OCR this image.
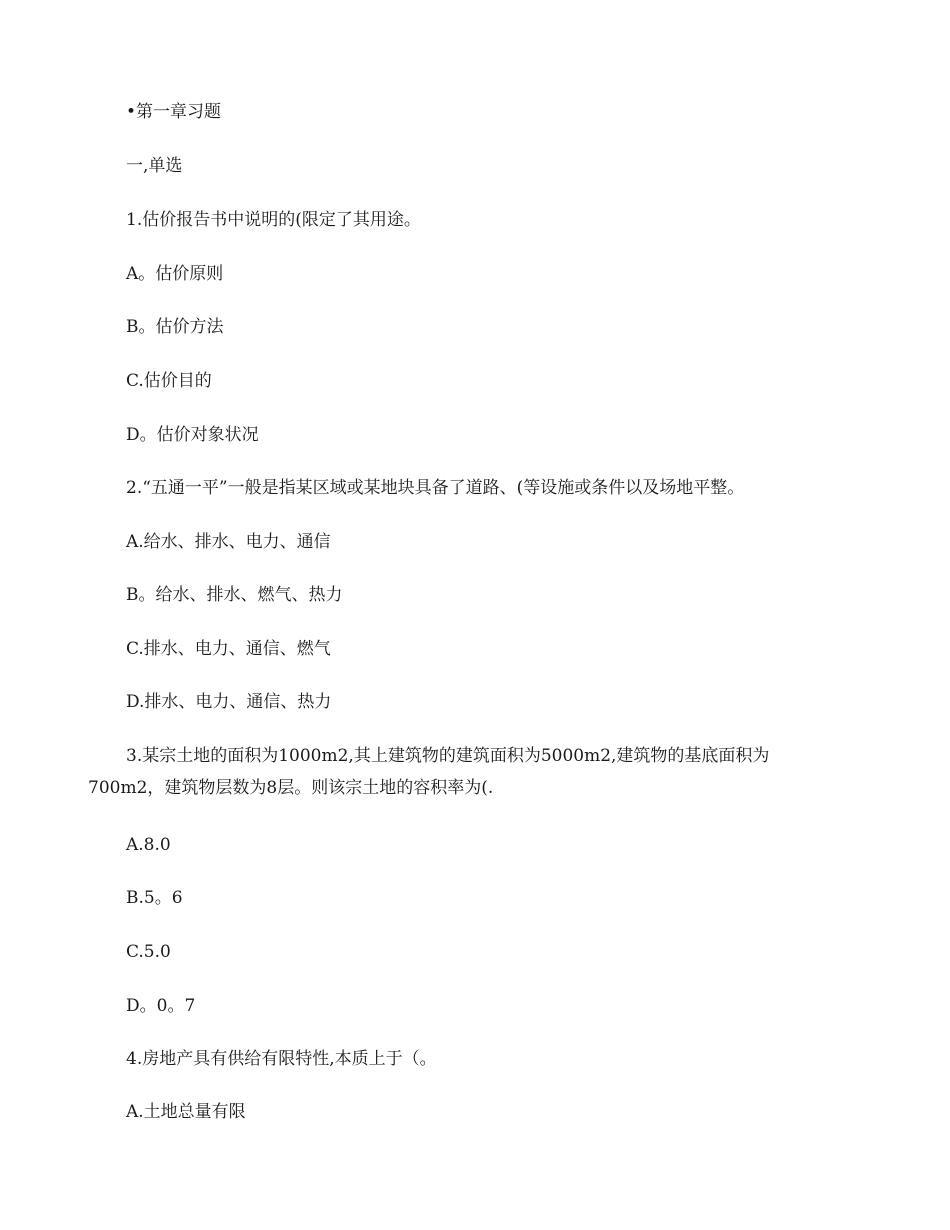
•第一章习题
一,单选
1.估价报告书中说明的(限定了其用途。
A。估价原则
B。估价方法
C.估价目的
D。估价对象状况
2.“五通一平”一般是指某区域或某地块具备了道路、(等设施或条件以及场地平整。
A.给水、排水、电力、通信
B。给水、排水、燃气、热力
C.排水、电力、通信、燃气
D.排水、电力、通信、热力
3.某宗土地的面积为1000m2,其上建筑物的建筑面积为5000m2,建筑物的基底面积为700m2，建筑物层数为8层。则该宗土地的容积率为(.
A.8.0
B.5。6
C.5.0
D。0。7
4.房地产具有供给有限特性,本质上于（。
A.土地总量有限
